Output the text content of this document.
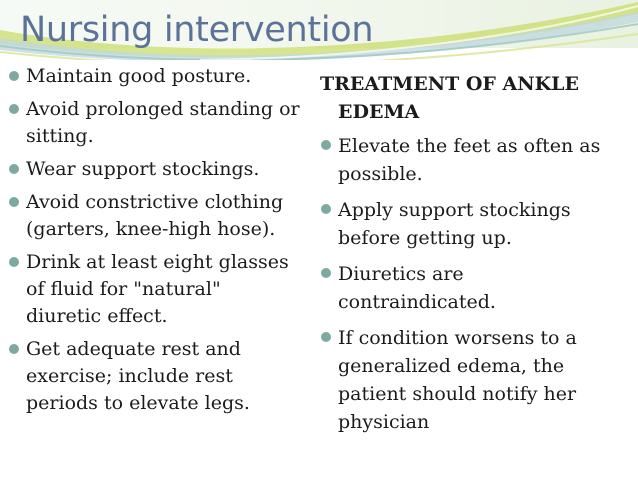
Nursing intervention
Maintain good posture.
Avoid prolonged standing or sitting.
Wear support stockings.
Avoid constrictive clothing (garters, knee-high hose).
Drink at least eight glasses of fluid for "natural" diuretic effect.
Get adequate rest and exercise; include rest periods to elevate legs.

TREATMENT OF ANKLE
EDEMA

Elevate the feet as often as possible.
Apply support stockings before getting up.
Diuretics are contraindicated.
If condition worsens to a generalized edema, the patient should notify her physician
